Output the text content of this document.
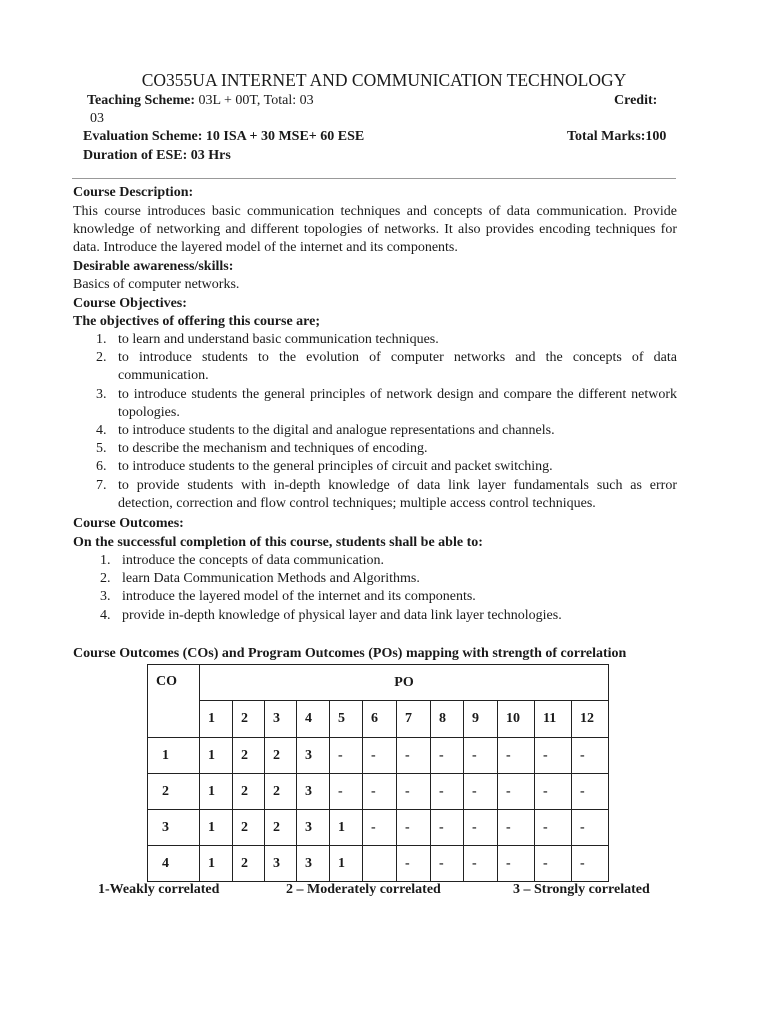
CO355UA INTERNET AND COMMUNICATION TECHNOLOGY
Teaching Scheme: 03L + 00T, Total: 03	Credit:
03
Evaluation Scheme: 10 ISA + 30 MSE+ 60 ESE	Total Marks:100
Duration of ESE: 03 Hrs
Course Description:
This course introduces basic communication techniques and concepts of data communication. Provide knowledge of networking and different topologies of networks. It also provides encoding techniques for data. Introduce the layered model of the internet and its components.
Desirable awareness/skills:
Basics of computer networks.
Course Objectives:
The objectives of offering this course are;
1. to learn and understand basic communication techniques.
2. to introduce students to the evolution of computer networks and the concepts of data communication.
3. to introduce students the general principles of network design and compare the different network topologies.
4. to introduce students to the digital and analogue representations and channels.
5. to describe the mechanism and techniques of encoding.
6. to introduce students to the general principles of circuit and packet switching.
7. to provide students with in-depth knowledge of data link layer fundamentals such as error detection, correction and flow control techniques; multiple access control techniques.
Course Outcomes:
On the successful completion of this course, students shall be able to:
1. introduce the concepts of data communication.
2. learn Data Communication Methods and Algorithms.
3. introduce the layered model of the internet and its components.
4. provide in-depth knowledge of physical layer and data link layer technologies.
Course Outcomes (COs) and Program Outcomes (POs) mapping with strength of correlation
CO	PO											
	1	2	3	4	5	6	7	8	9	10	11	12
1	1	2	2	3	-	-	-	-	-	-	-	-
2	1	2	2	3	-	-	-	-	-	-	-	-
3	1	2	2	3	1	-	-	-	-	-	-	-
4	1	2	3	3	1		-	-	-	-	-	-
1-Weakly correlated	2 – Moderately correlated	3 – Strongly correlated
